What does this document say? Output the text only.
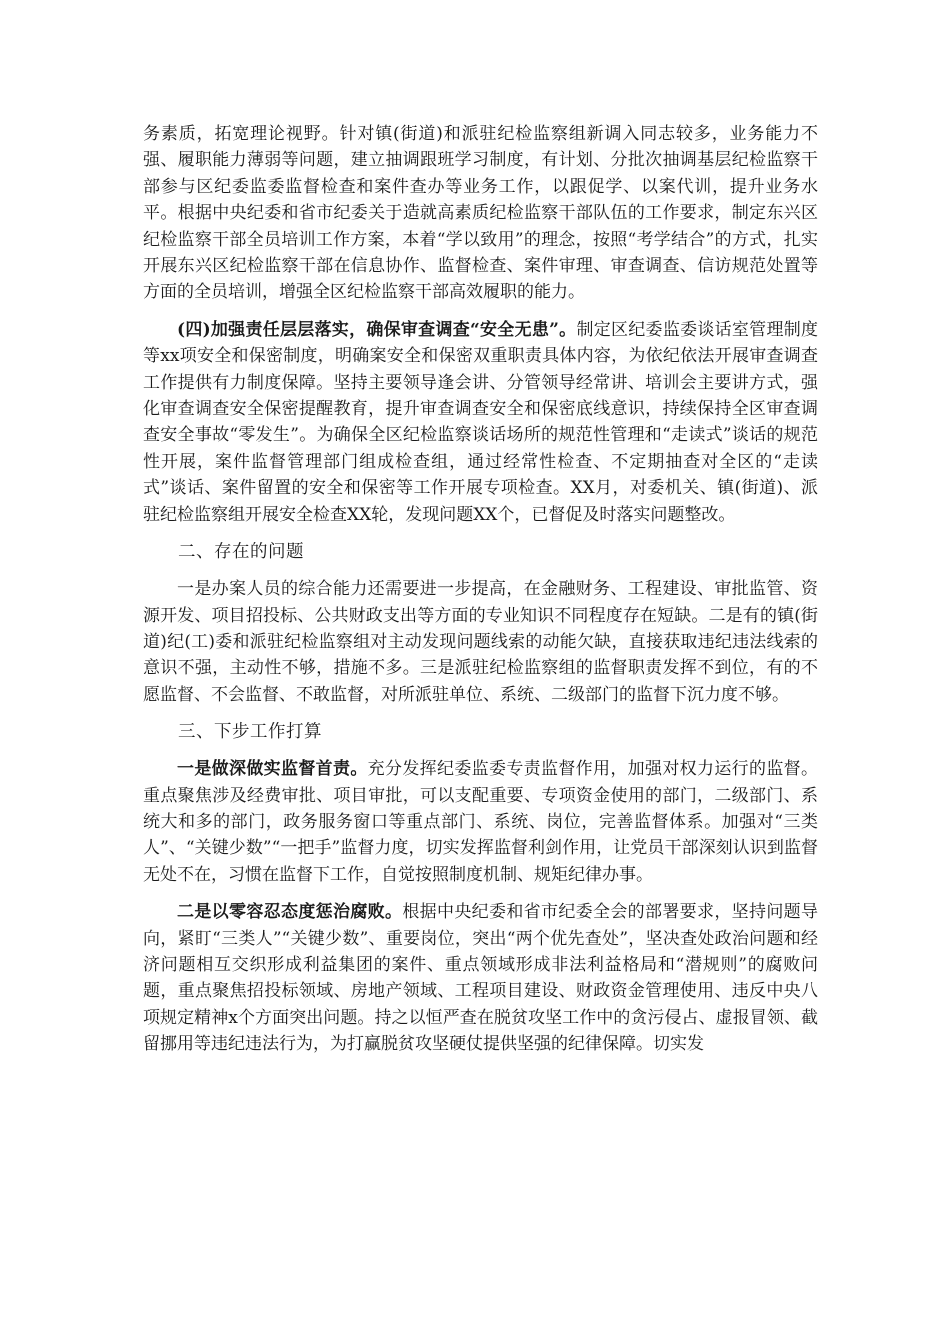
务素质，拓宽理论视野。针对镇(街道)和派驻纪检监察组新调入同志较多，业务能力不强、履职能力薄弱等问题，建立抽调跟班学习制度，有计划、分批次抽调基层纪检监察干部参与区纪委监委监督检查和案件查办等业务工作，以跟促学、以案代训，提升业务水平。根据中央纪委和省市纪委关于造就高素质纪检监察干部队伍的工作要求，制定东兴区纪检监察干部全员培训工作方案，本着“学以致用”的理念，按照“考学结合”的方式，扎实开展东兴区纪检监察干部在信息协作、监督检查、案件审理、审查调查、信访规范处置等方面的全员培训，增强全区纪检监察干部高效履职的能力。

(四)加强责任层层落实，确保审查调查“安全无患”。制定区纪委监委谈话室管理制度等xx项安全和保密制度，明确案安全和保密双重职责具体内容，为依纪依法开展审查调查工作提供有力制度保障。坚持主要领导逢会讲、分管领导经常讲、培训会主要讲方式，强化审查调查安全保密提醒教育，提升审查调查安全和保密底线意识，持续保持全区审查调查安全事故“零发生”。为确保全区纪检监察谈话场所的规范性管理和“走读式”谈话的规范性开展，案件监督管理部门组成检查组，通过经常性检查、不定期抽查对全区的“走读式”谈话、案件留置的安全和保密等工作开展专项检查。XX月，对委机关、镇(街道)、派驻纪检监察组开展安全检查XX轮，发现问题XX个，已督促及时落实问题整改。

二、存在的问题

一是办案人员的综合能力还需要进一步提高，在金融财务、工程建设、审批监管、资源开发、项目招投标、公共财政支出等方面的专业知识不同程度存在短缺。二是有的镇(街道)纪(工)委和派驻纪检监察组对主动发现问题线索的动能欠缺，直接获取违纪违法线索的意识不强，主动性不够，措施不多。三是派驻纪检监察组的监督职责发挥不到位，有的不愿监督、不会监督、不敢监督，对所派驻单位、系统、二级部门的监督下沉力度不够。

三、下步工作打算

一是做深做实监督首责。充分发挥纪委监委专责监督作用，加强对权力运行的监督。重点聚焦涉及经费审批、项目审批，可以支配重要、专项资金使用的部门，二级部门、系统大和多的部门，政务服务窗口等重点部门、系统、岗位，完善监督体系。加强对“三类人”、“关键少数”“一把手”监督力度，切实发挥监督利剑作用，让党员干部深刻认识到监督无处不在，习惯在监督下工作，自觉按照制度机制、规矩纪律办事。

二是以零容忍态度惩治腐败。根据中央纪委和省市纪委全会的部署要求，坚持问题导向，紧盯“三类人”“关键少数”、重要岗位，突出“两个优先查处”，坚决查处政治问题和经济问题相互交织形成利益集团的案件、重点领域形成非法利益格局和“潜规则”的腐败问题，重点聚焦招投标领域、房地产领域、工程项目建设、财政资金管理使用、违反中央八项规定精神x个方面突出问题。持之以恒严查在脱贫攻坚工作中的贪污侵占、虚报冒领、截留挪用等违纪违法行为，为打赢脱贫攻坚硬仗提供坚强的纪律保障。切实发
